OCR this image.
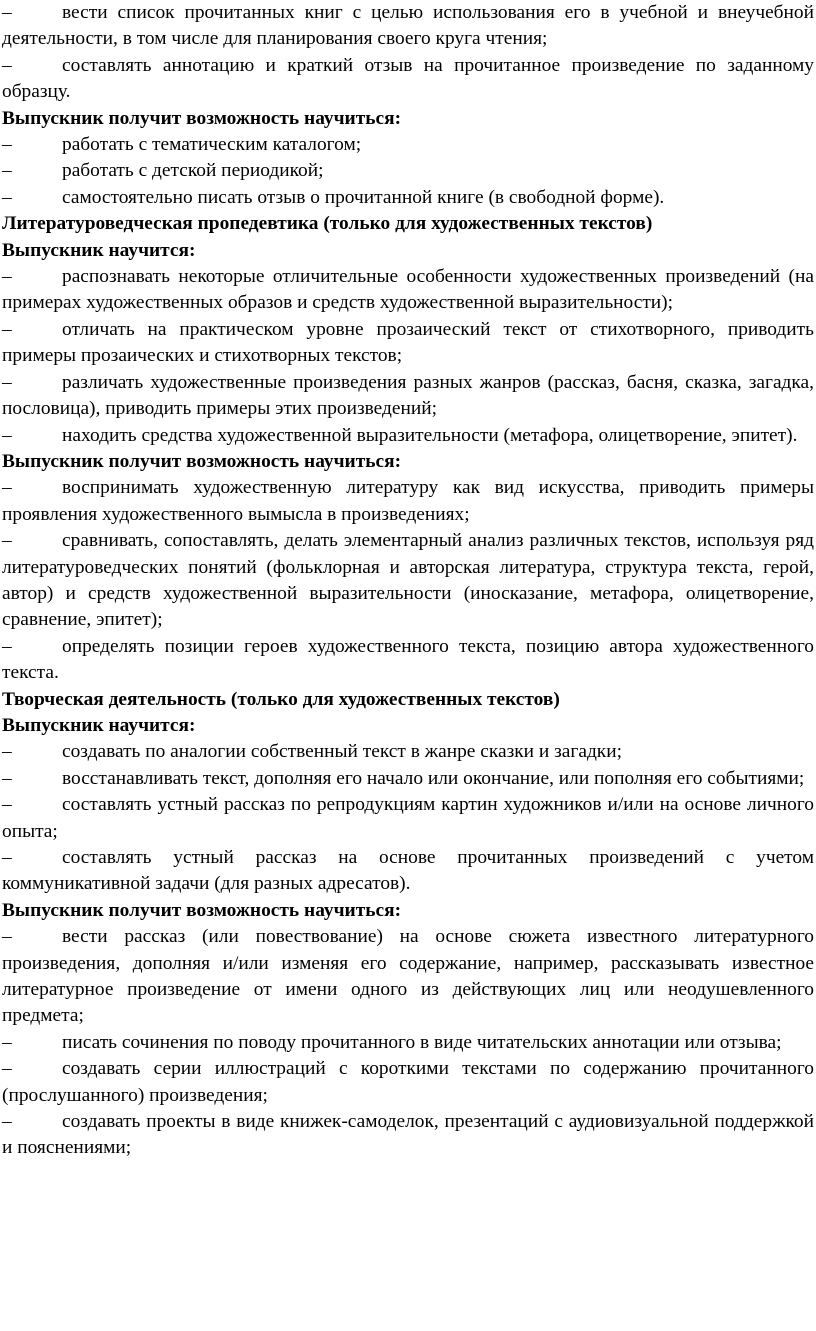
–	вести список прочитанных книг с целью использования его в учебной и внеучебной деятельности, в том числе для планирования своего круга чтения;

–	составлять аннотацию и краткий отзыв на прочитанное произведение по заданному образцу.

Выпускник получит возможность научиться:

–	работать с тематическим каталогом;

–	работать с детской периодикой;

–	самостоятельно писать отзыв о прочитанной книге (в свободной форме).

Литературоведческая пропедевтика (только для художественных текстов)

Выпускник научится:

–	распознавать некоторые отличительные особенности художественных произведений (на примерах художественных образов и средств художественной выразительности);

–	отличать на практическом уровне прозаический текст от стихотворного, приводить примеры прозаических и стихотворных текстов;

–	различать художественные произведения разных жанров (рассказ, басня, сказка, загадка, пословица), приводить примеры этих произведений;

–	находить средства художественной выразительности (метафора, олицетворение, эпитет).

Выпускник получит возможность научиться:

–	воспринимать художественную литературу как вид искусства, приводить примеры проявления художественного вымысла в произведениях;

–	сравнивать, сопоставлять, делать элементарный анализ различных текстов, используя ряд литературоведческих понятий (фольклорная и авторская литература, структура текста, герой, автор) и средств художественной выразительности (иносказание, метафора, олицетворение, сравнение, эпитет);

–	определять позиции героев художественного текста, позицию автора художественного текста.

Творческая деятельность (только для художественных текстов)

Выпускник научится:

–	создавать по аналогии собственный текст в жанре сказки и загадки;

–	восстанавливать текст, дополняя его начало или окончание, или пополняя его событиями;

–	составлять устный рассказ по репродукциям картин художников и/или на основе личного опыта;

–	составлять устный рассказ на основе прочитанных произведений с учетом коммуникативной задачи (для разных адресатов).

Выпускник получит возможность научиться:

–	вести рассказ (или повествование) на основе сюжета известного литературного произведения, дополняя и/или изменяя его содержание, например, рассказывать известное литературное произведение от имени одного из действующих лиц или неодушевленного предмета;

–	писать сочинения по поводу прочитанного в виде читательских аннотации или отзыва;

–	создавать серии иллюстраций с короткими текстами по содержанию прочитанного (прослушанного) произведения;

–	создавать проекты в виде книжек-самоделок, презентаций с аудиовизуальной поддержкой и пояснениями;
